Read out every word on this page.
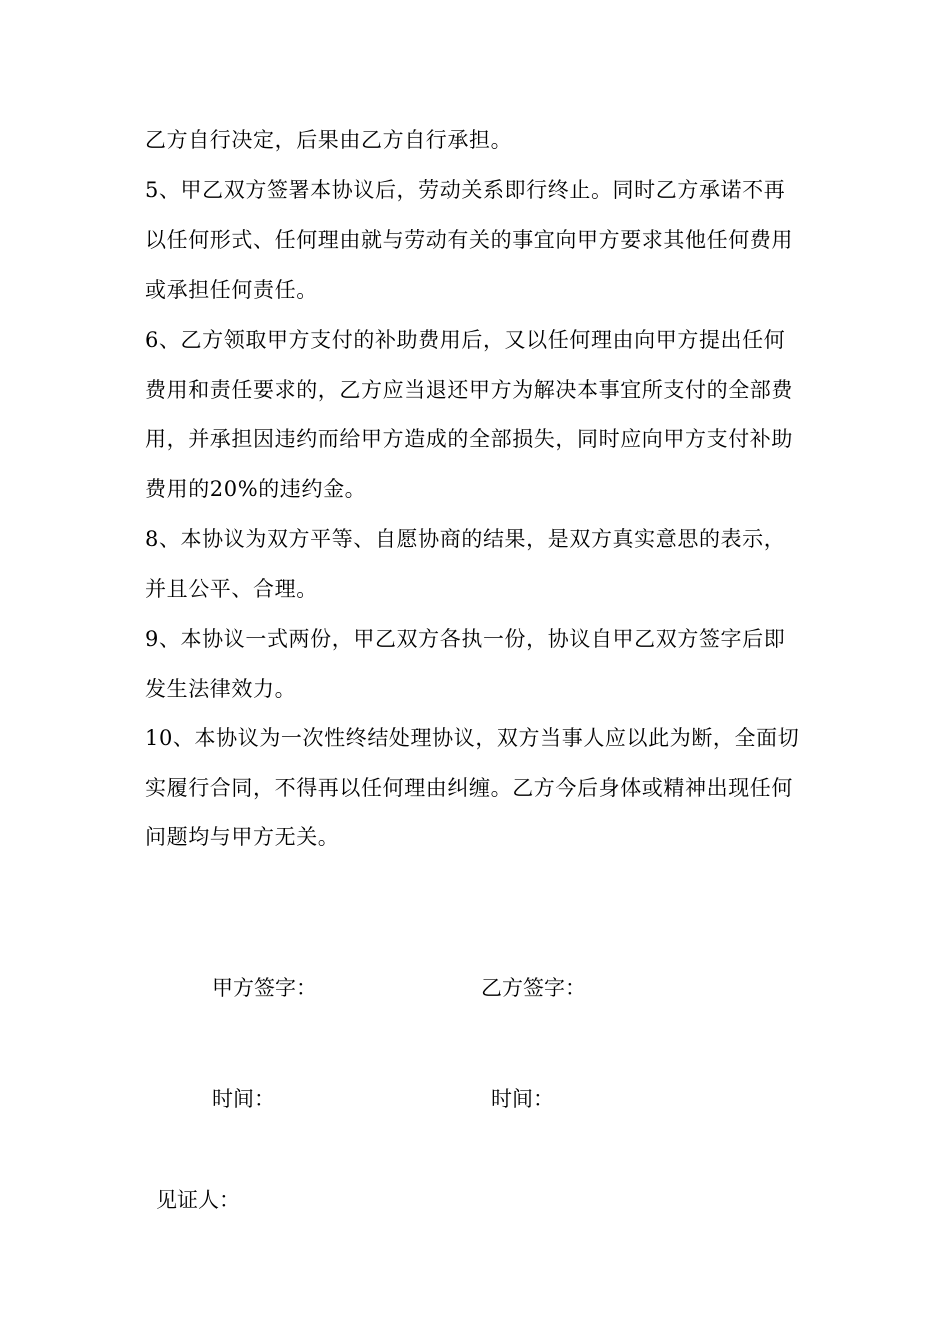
乙方自行决定，后果由乙方自行承担。
5、甲乙双方签署本协议后，劳动关系即行终止。同时乙方承诺不再
以任何形式、任何理由就与劳动有关的事宜向甲方要求其他任何费用
或承担任何责任。
6、乙方领取甲方支付的补助费用后，又以任何理由向甲方提出任何
费用和责任要求的，乙方应当退还甲方为解决本事宜所支付的全部费
用，并承担因违约而给甲方造成的全部损失，同时应向甲方支付补助
费用的20%的违约金。
8、本协议为双方平等、自愿协商的结果，是双方真实意思的表示，
并且公平、合理。
9、本协议一式两份，甲乙双方各执一份，协议自甲乙双方签字后即
发生法律效力。
10、本协议为一次性终结处理协议，双方当事人应以此为断，全面切
实履行合同，不得再以任何理由纠缠。乙方今后身体或精神出现任何
问题均与甲方无关。
甲方签字：	乙方签字：
时间：	时间：
见证人：
